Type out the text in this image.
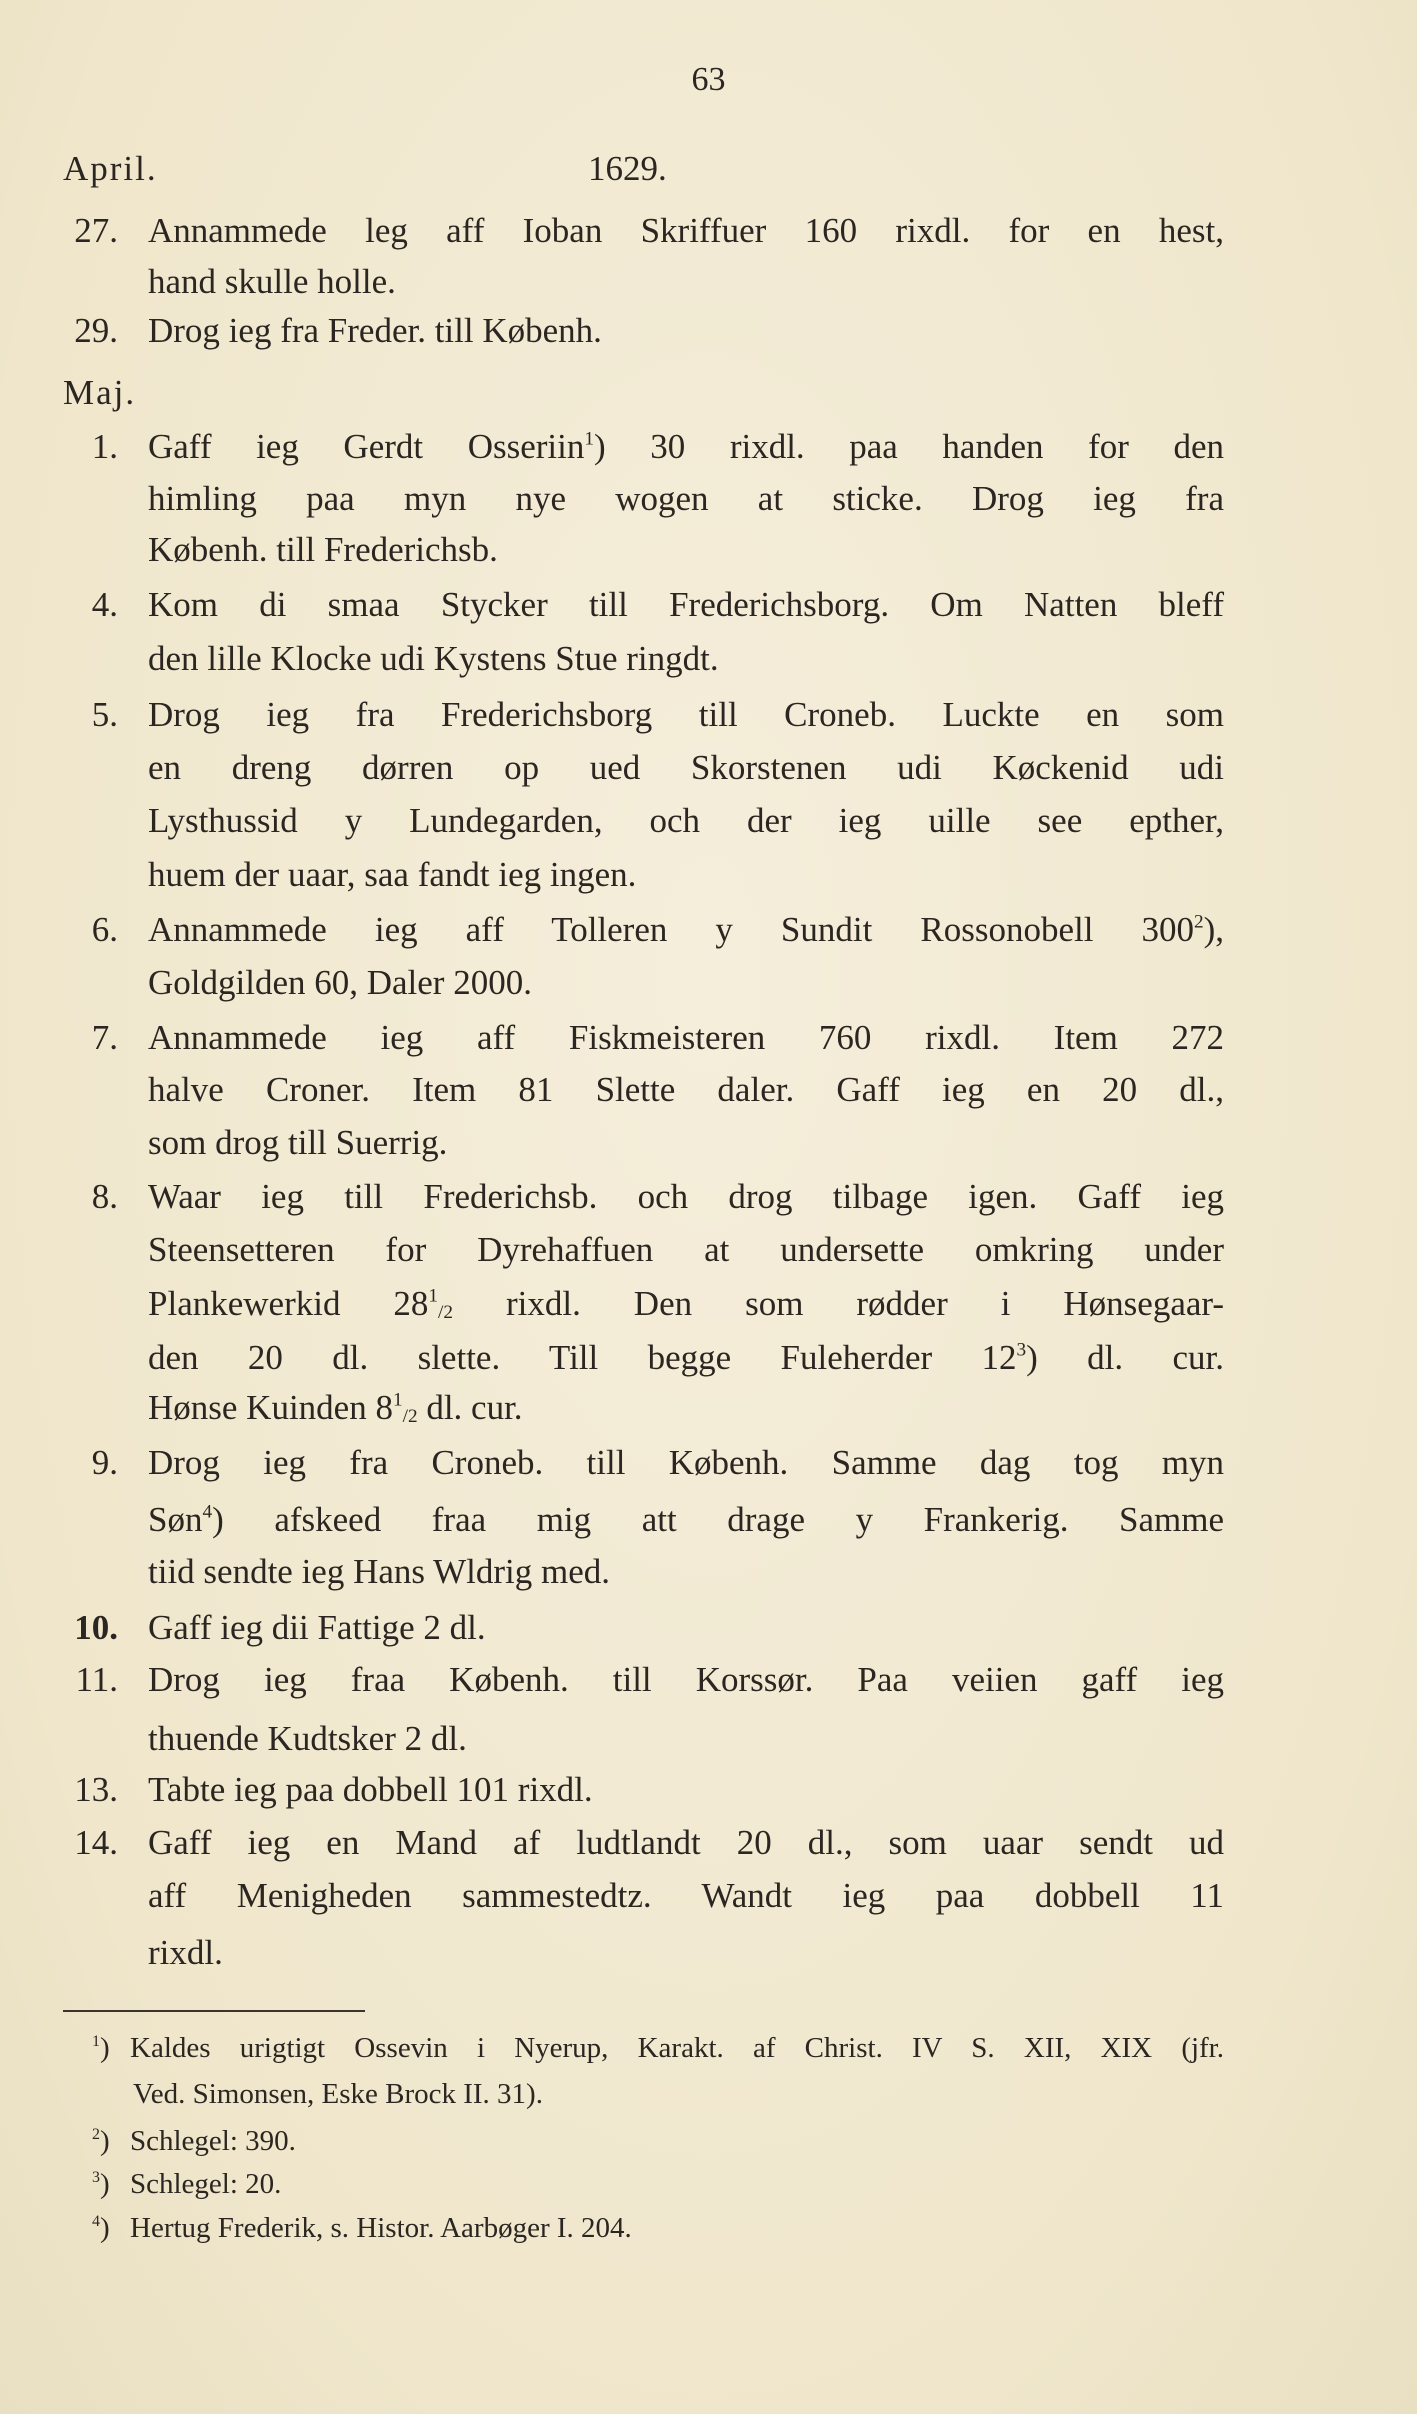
63
April.	1629.
27. Annammede leg aff Ioban Skriffuer 160 rixdl. for en hest,
hand skulle holle.
29. Drog ieg fra Freder. till Københ.
Maj.
1. Gaff ieg Gerdt Osseriin$^1$) 30 rixdl. paa handen for den
himling paa myn nye wogen at sticke. Drog ieg fra
Københ. till Frederichsb.
4. Kom di smaa Stycker till Frederichsborg. Om Natten bleff
den lille Klocke udi Kystens Stue ringdt.
5. Drog ieg fra Frederichsborg till Croneb. Luckte en som
en dreng dørren op ued Skorstenen udi Køckenid udi
Lysthussid y Lundegarden, och der ieg uille see epther,
huem der uaar, saa fandt ieg ingen.
6. Annammede ieg aff Tolleren y Sundit Rossonobell $300^2$),
Goldgilden 60, Daler 2000.
7. Annammede ieg aff Fiskmeisteren 760 rixdl. Item 272
halve Croner. Item 81 Slette daler. Gaff ieg en 20 dl.,
som drog till Suerrig.
8. Waar ieg till Frederichsb. och drog tilbage igen. Gaff ieg
Steensetteren for Dyrehaffuen at undersette omkring under
Plankewerkid $28^1/2$ rixdl. Den som rødder i Hønsegaar-
den 20 dl. slette. Till begge Fuleherder $12^3$) dl. cur.
Hønse Kuinden $8^1/2$ dl. cur.
9. Drog ieg fra Croneb. till Københ. Samme dag tog myn
Søn$^4$) afskeed fraa mig att drage y Frankerig. Samme
tiid sendte ieg Hans Wldrig med.
10. Gaff ieg dii Fattige 2 dl.
11. Drog ieg fraa Københ. till Korssør. Paa veiien gaff ieg
thuende Kudtsker 2 dl.
13. Tabte ieg paa dobbell 101 rixdl.
14. Gaff ieg en Mand af ludtlandt 20 dl., som uaar sendt ud
aff Menigheden sammestedtz. Wandt ieg paa dobbell 11
rixdl.
$^1$) Kaldes urigtigt Ossevin i Nyerup, Karakt. af Christ. IV S. XII, XIX (jfr.
Ved. Simonsen, Eske Brock II. 31).
$^2$) Schlegel: 390.
$^3$) Schlegel: 20.
$^4$) Hertug Frederik, s. Histor. Aarbøger I. 204.
